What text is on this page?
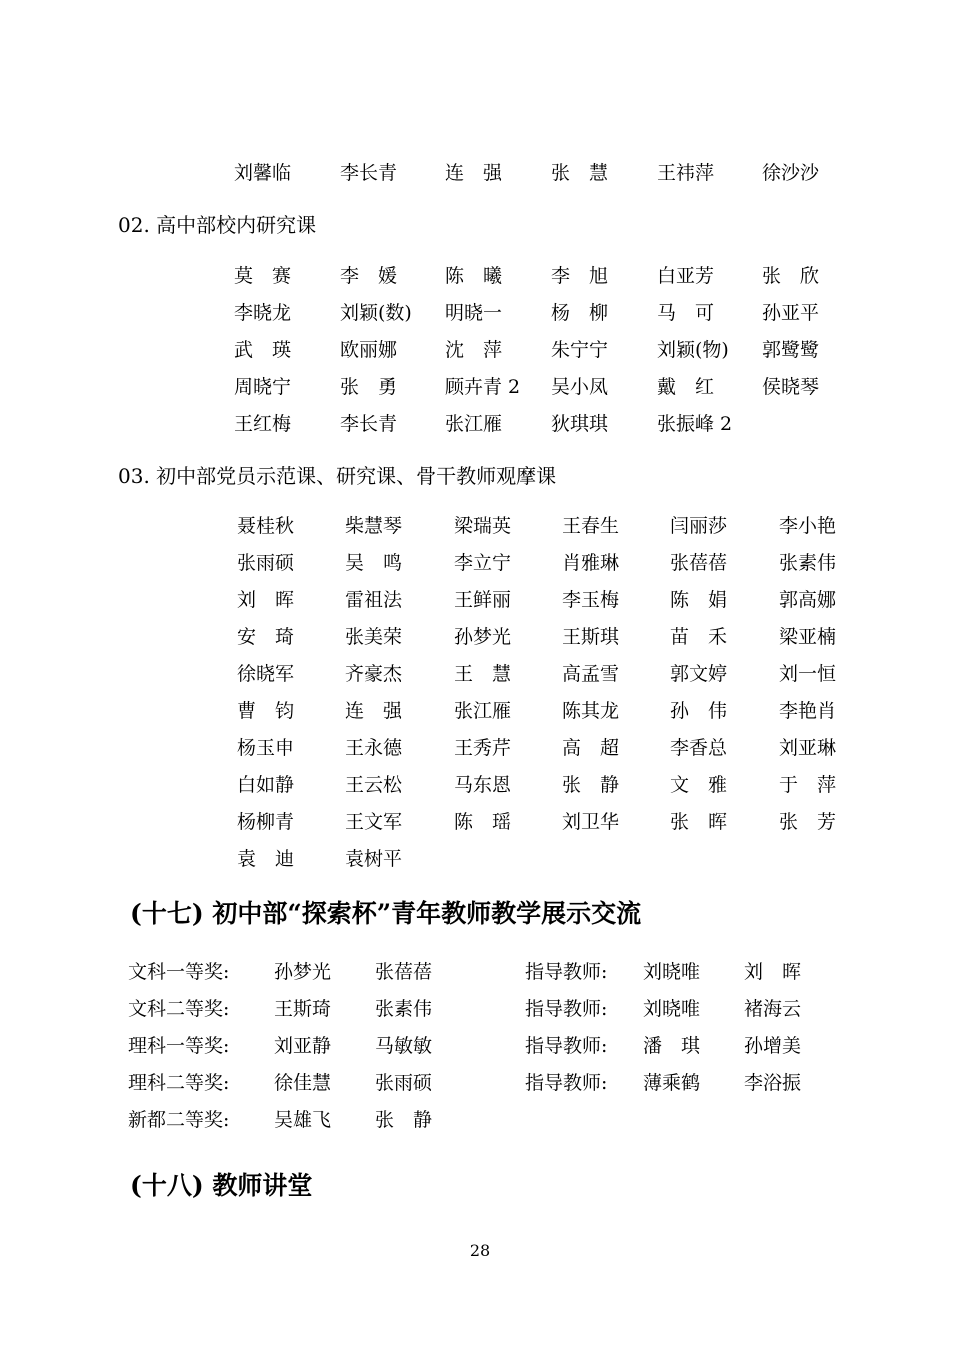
刘馨临	李长青	连　强	张　慧	王祎萍	徐沙沙
02. 高中部校内研究课
莫　赛	李　媛	陈　曦	李　旭	白亚芳	张　欣
李晓龙	刘颖(数) 明晓一	杨　柳	马　可	孙亚平
武　瑛	欧丽娜	沈　萍	朱宁宁	刘颖(物) 郭鹭鹭
周晓宁	张　勇	顾卉青 2 吴小凤	戴　红	侯晓琴
王红梅	李长青	张江雁	狄琪琪	张振峰 2
03. 初中部党员示范课、研究课、骨干教师观摩课
聂桂秋	柴慧琴	梁瑞英	王春生	闫丽莎	李小艳
张雨硕	吴　鸣	李立宁	肖雅琳	张蓓蓓	张素伟
刘　晖	雷祖法	王鲜丽	李玉梅	陈　娟	郭高娜
安　琦	张美荣	孙梦光	王斯琪	苗　禾	梁亚楠
徐晓军	齐豪杰	王　慧	高孟雪	郭文婷	刘一恒
曹　钧	连　强	张江雁	陈其龙	孙　伟	李艳肖
杨玉申	王永德	王秀芹	高　超	李香总	刘亚琳
白如静	王云松	马东恩	张　静	文　雅	于　萍
杨柳青	王文军	陈　瑶	刘卫华	张　晖	张　芳
袁　迪	袁树平
(十七) 初中部“探索杯”青年教师教学展示交流
文科一等奖: 孙梦光 张蓓蓓	指导教师: 刘晓唯 刘　晖
文科二等奖: 王斯琦 张素伟	指导教师: 刘晓唯 褚海云
理科一等奖: 刘亚静 马敏敏	指导教师: 潘　琪 孙增美
理科二等奖: 徐佳慧 张雨硕	指导教师: 薄乘鹤 李浴振
新都二等奖: 吴雄飞 张　静
(十八) 教师讲堂
28
